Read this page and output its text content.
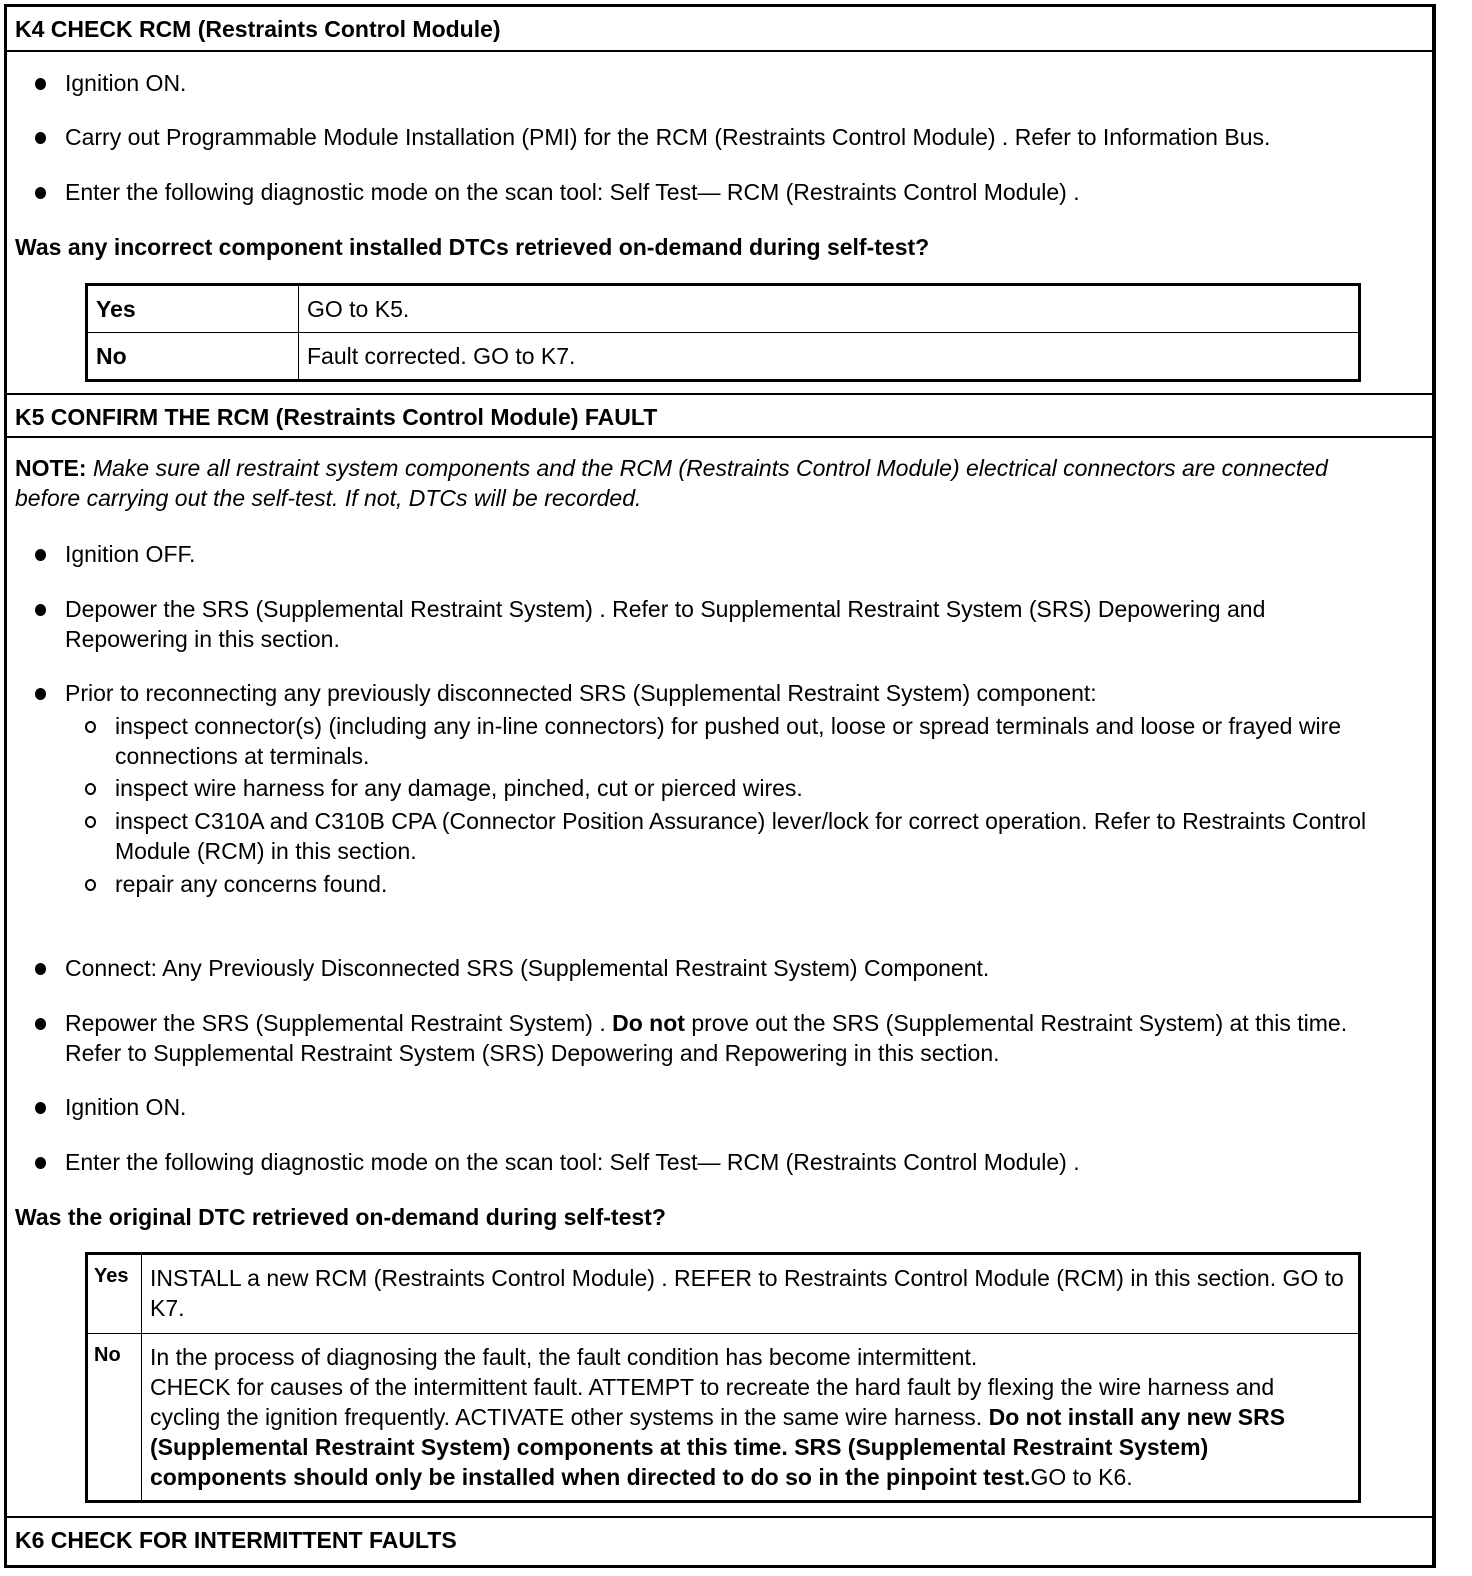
K4 CHECK RCM (Restraints Control Module)
Ignition ON.
Carry out Programmable Module Installation (PMI) for the RCM (Restraints Control Module) . Refer to Information Bus.
Enter the following diagnostic mode on the scan tool: Self Test— RCM (Restraints Control Module) .
Was any incorrect component installed DTCs retrieved on-demand during self-test?
Yes	GO to K5.
No	Fault corrected. GO to K7.
K5 CONFIRM THE RCM (Restraints Control Module) FAULT
NOTE: Make sure all restraint system components and the RCM (Restraints Control Module) electrical connectors are connected before carrying out the self-test. If not, DTCs will be recorded.
Ignition OFF.
Depower the SRS (Supplemental Restraint System) . Refer to Supplemental Restraint System (SRS) Depowering and Repowering in this section.
Prior to reconnecting any previously disconnected SRS (Supplemental Restraint System) component:
inspect connector(s) (including any in-line connectors) for pushed out, loose or spread terminals and loose or frayed wire connections at terminals.
inspect wire harness for any damage, pinched, cut or pierced wires.
inspect C310A and C310B CPA (Connector Position Assurance) lever/lock for correct operation. Refer to Restraints Control Module (RCM) in this section.
repair any concerns found.
Connect: Any Previously Disconnected SRS (Supplemental Restraint System) Component.
Repower the SRS (Supplemental Restraint System) . Do not prove out the SRS (Supplemental Restraint System) at this time. Refer to Supplemental Restraint System (SRS) Depowering and Repowering in this section.
Ignition ON.
Enter the following diagnostic mode on the scan tool: Self Test— RCM (Restraints Control Module) .
Was the original DTC retrieved on-demand during self-test?
Yes	INSTALL a new RCM (Restraints Control Module) . REFER to Restraints Control Module (RCM) in this section. GO to K7.
No	In the process of diagnosing the fault, the fault condition has become intermittent.
CHECK for causes of the intermittent fault. ATTEMPT to recreate the hard fault by flexing the wire harness and cycling the ignition frequently. ACTIVATE other systems in the same wire harness. Do not install any new SRS (Supplemental Restraint System) components at this time. SRS (Supplemental Restraint System) components should only be installed when directed to do so in the pinpoint test.GO to K6.
K6 CHECK FOR INTERMITTENT FAULTS
